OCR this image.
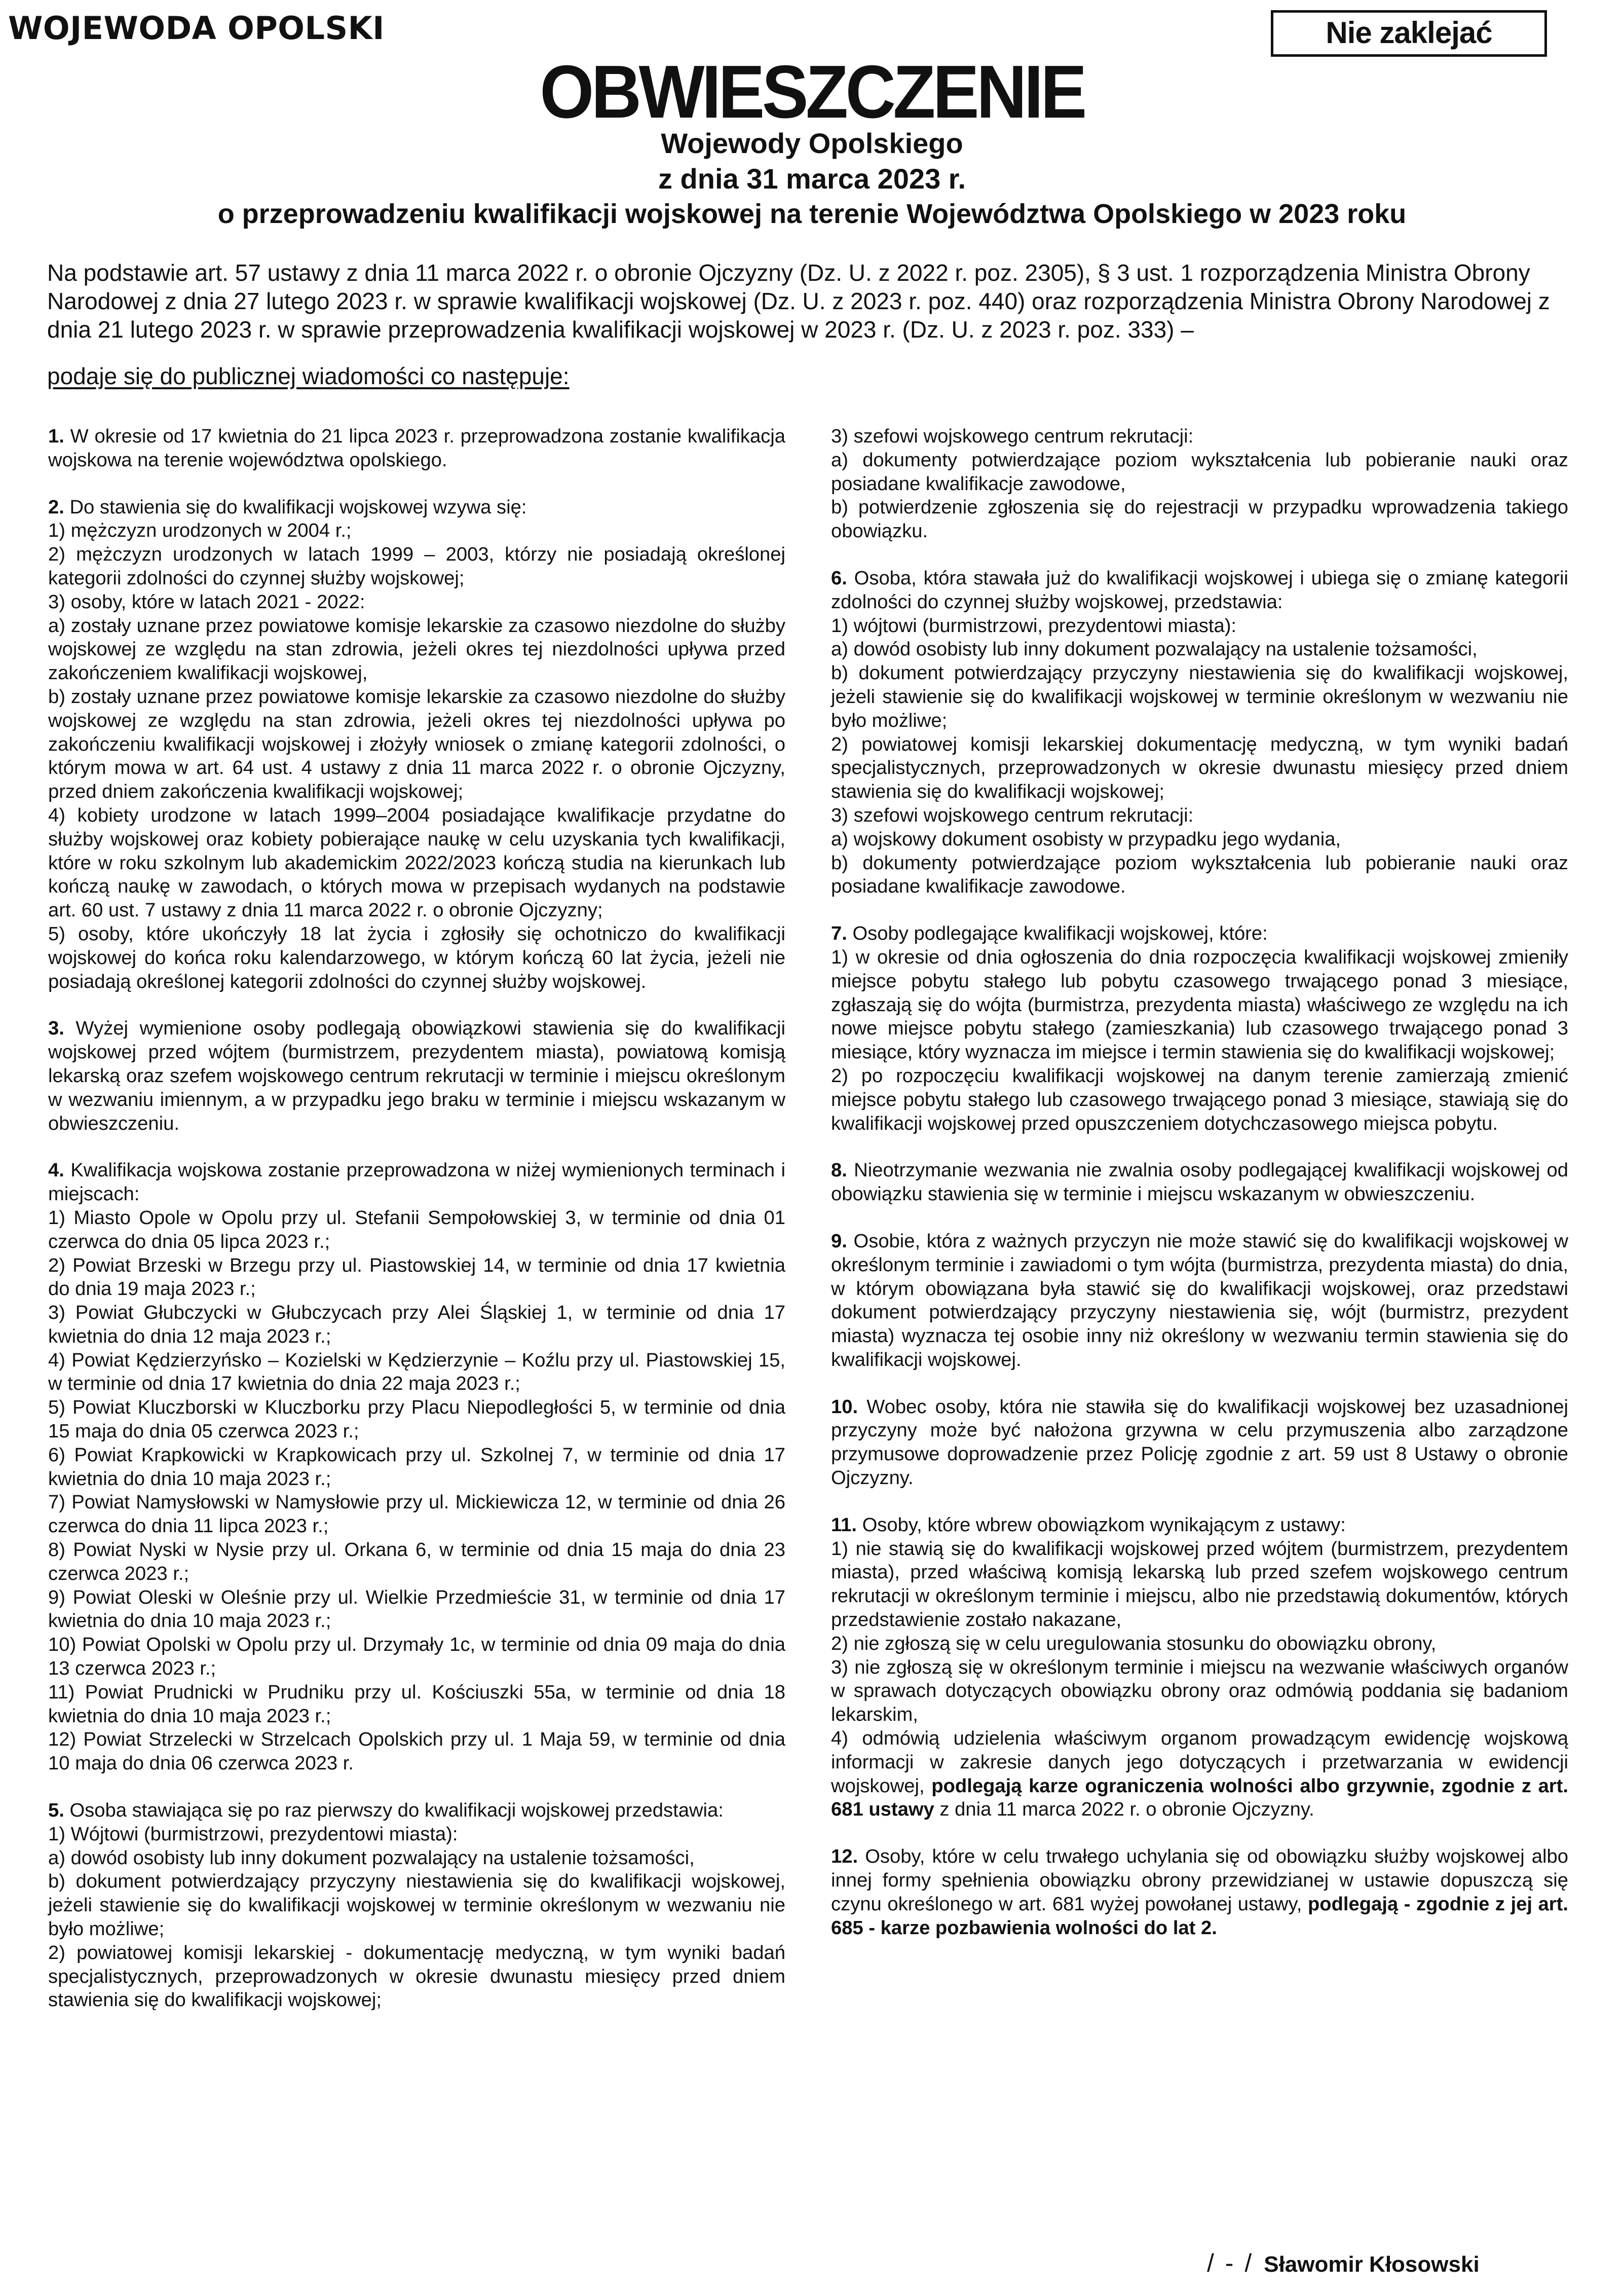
WOJEWODA OPOLSKI	Nie zaklejać
OBWIESZCZENIE
Wojewody Opolskiego
z dnia 31 marca 2023 r.
o przeprowadzeniu kwalifikacji wojskowej na terenie Województwa Opolskiego w 2023 roku

Na podstawie art. 57 ustawy z dnia 11 marca 2022 r. o obronie Ojczyzny (Dz. U. z 2022 r. poz. 2305), § 3 ust. 1 rozporządzenia Ministra Obrony Narodowej z dnia 27 lutego 2023 r. w sprawie kwalifikacji wojskowej (Dz. U. z 2023 r. poz. 440) oraz rozporządzenia Ministra Obrony Narodowej z dnia 21 lutego 2023 r. w sprawie przeprowadzenia kwalifikacji wojskowej w 2023 r. (Dz. U. z 2023 r. poz. 333) –

podaje się do publicznej wiadomości co następuje:

1. W okresie od 17 kwietnia do 21 lipca 2023 r. przeprowadzona zostanie kwalifikacja wojskowa na terenie województwa opolskiego.

2. Do stawienia się do kwalifikacji wojskowej wzywa się:

1) mężczyzn urodzonych w 2004 r.;

2) mężczyzn urodzonych w latach 1999 – 2003, którzy nie posiadają określonej kategorii zdolności do czynnej służby wojskowej;

3) osoby, które w latach 2021 - 2022:

a) zostały uznane przez powiatowe komisje lekarskie za czasowo niezdolne do służby wojskowej ze względu na stan zdrowia, jeżeli okres tej niezdolności upływa przed zakończeniem kwalifikacji wojskowej,

b) zostały uznane przez powiatowe komisje lekarskie za czasowo niezdolne do służby wojskowej ze względu na stan zdrowia, jeżeli okres tej niezdolności upływa po zakończeniu kwalifikacji wojskowej i złożyły wniosek o zmianę kategorii zdolności, o którym mowa w art. 64 ust. 4 ustawy z dnia 11 marca 2022 r. o obronie Ojczyzny, przed dniem zakończenia kwalifikacji wojskowej;

4) kobiety urodzone w latach 1999–2004 posiadające kwalifikacje przydatne do służby wojskowej oraz kobiety pobierające naukę w celu uzyskania tych kwalifikacji, które w roku szkolnym lub akademickim 2022/2023 kończą studia na kierunkach lub kończą naukę w zawodach, o których mowa w przepisach wydanych na podstawie art. 60 ust. 7 ustawy z dnia 11 marca 2022 r. o obronie Ojczyzny;

5) osoby, które ukończyły 18 lat życia i zgłosiły się ochotniczo do kwalifikacji wojskowej do końca roku kalendarzowego, w którym kończą 60 lat życia, jeżeli nie posiadają określonej kategorii zdolności do czynnej służby wojskowej.

3. Wyżej wymienione osoby podlegają obowiązkowi stawienia się do kwalifikacji wojskowej przed wójtem (burmistrzem, prezydentem miasta), powiatową komisją lekarską oraz szefem wojskowego centrum rekrutacji w terminie i miejscu określonym w wezwaniu imiennym, a w przypadku jego braku w terminie i miejscu wskazanym w obwieszczeniu.

4. Kwalifikacja wojskowa zostanie przeprowadzona w niżej wymienionych terminach i miejscach:

1) Miasto Opole w Opolu przy ul. Stefanii Sempołowskiej 3, w terminie od dnia 01 czerwca do dnia 05 lipca 2023 r.;

2) Powiat Brzeski w Brzegu przy ul. Piastowskiej 14, w terminie od dnia 17 kwietnia do dnia 19 maja 2023 r.;

3) Powiat Głubczycki w Głubczycach przy Alei Śląskiej 1, w terminie od dnia 17 kwietnia do dnia 12 maja 2023 r.;

4) Powiat Kędzierzyńsko – Kozielski w Kędzierzynie – Koźlu przy ul. Piastowskiej 15, w terminie od dnia 17 kwietnia do dnia 22 maja 2023 r.;

5) Powiat Kluczborski w Kluczborku przy Placu Niepodległości 5, w terminie od dnia 15 maja do dnia 05 czerwca 2023 r.;

6) Powiat Krapkowicki w Krapkowicach przy ul. Szkolnej 7, w terminie od dnia 17 kwietnia do dnia 10 maja 2023 r.;

7) Powiat Namysłowski w Namysłowie przy ul. Mickiewicza 12, w terminie od dnia 26 czerwca do dnia 11 lipca 2023 r.;

8) Powiat Nyski w Nysie przy ul. Orkana 6, w terminie od dnia 15 maja do dnia 23 czerwca 2023 r.;

9) Powiat Oleski w Oleśnie przy ul. Wielkie Przedmieście 31, w terminie od dnia 17 kwietnia do dnia 10 maja 2023 r.;

10) Powiat Opolski w Opolu przy ul. Drzymały 1c, w terminie od dnia 09 maja do dnia 13 czerwca 2023 r.;

11) Powiat Prudnicki w Prudniku przy ul. Kościuszki 55a, w terminie od dnia 18 kwietnia do dnia 10 maja 2023 r.;

12) Powiat Strzelecki w Strzelcach Opolskich przy ul. 1 Maja 59, w terminie od dnia 10 maja do dnia 06 czerwca 2023 r.

5. Osoba stawiająca się po raz pierwszy do kwalifikacji wojskowej przedstawia:

1) Wójtowi (burmistrzowi, prezydentowi miasta):

a) dowód osobisty lub inny dokument pozwalający na ustalenie tożsamości,

b) dokument potwierdzający przyczyny niestawienia się do kwalifikacji wojskowej, jeżeli stawienie się do kwalifikacji wojskowej w terminie określonym w wezwaniu nie było możliwe;

2) powiatowej komisji lekarskiej - dokumentację medyczną, w tym wyniki badań specjalistycznych, przeprowadzonych w okresie dwunastu miesięcy przed dniem stawienia się do kwalifikacji wojskowej;

3) szefowi wojskowego centrum rekrutacji:

a) dokumenty potwierdzające poziom wykształcenia lub pobieranie nauki oraz posiadane kwalifikacje zawodowe,

b) potwierdzenie zgłoszenia się do rejestracji w przypadku wprowadzenia takiego obowiązku.

6. Osoba, która stawała już do kwalifikacji wojskowej i ubiega się o zmianę kategorii zdolności do czynnej służby wojskowej, przedstawia:

1) wójtowi (burmistrzowi, prezydentowi miasta):

a) dowód osobisty lub inny dokument pozwalający na ustalenie tożsamości,

b) dokument potwierdzający przyczyny niestawienia się do kwalifikacji wojskowej, jeżeli stawienie się do kwalifikacji wojskowej w terminie określonym w wezwaniu nie było możliwe;

2) powiatowej komisji lekarskiej dokumentację medyczną, w tym wyniki badań specjalistycznych, przeprowadzonych w okresie dwunastu miesięcy przed dniem stawienia się do kwalifikacji wojskowej;

3) szefowi wojskowego centrum rekrutacji:

a) wojskowy dokument osobisty w przypadku jego wydania,

b) dokumenty potwierdzające poziom wykształcenia lub pobieranie nauki oraz posiadane kwalifikacje zawodowe.

7. Osoby podlegające kwalifikacji wojskowej, które:

1) w okresie od dnia ogłoszenia do dnia rozpoczęcia kwalifikacji wojskowej zmieniły miejsce pobytu stałego lub pobytu czasowego trwającego ponad 3 miesiące, zgłaszają się do wójta (burmistrza, prezydenta miasta) właściwego ze względu na ich nowe miejsce pobytu stałego (zamieszkania) lub czasowego trwającego ponad 3 miesiące, który wyznacza im miejsce i termin stawienia się do kwalifikacji wojskowej;

2) po rozpoczęciu kwalifikacji wojskowej na danym terenie zamierzają zmienić miejsce pobytu stałego lub czasowego trwającego ponad 3 miesiące, stawiają się do kwalifikacji wojskowej przed opuszczeniem dotychczasowego miejsca pobytu.

8. Nieotrzymanie wezwania nie zwalnia osoby podlegającej kwalifikacji wojskowej od obowiązku stawienia się w terminie i miejscu wskazanym w obwieszczeniu.

9. Osobie, która z ważnych przyczyn nie może stawić się do kwalifikacji wojskowej w określonym terminie i zawiadomi o tym wójta (burmistrza, prezydenta miasta) do dnia, w którym obowiązana była stawić się do kwalifikacji wojskowej, oraz przedstawi dokument potwierdzający przyczyny niestawienia się, wójt (burmistrz, prezydent miasta) wyznacza tej osobie inny niż określony w wezwaniu termin stawienia się do kwalifikacji wojskowej.

10. Wobec osoby, która nie stawiła się do kwalifikacji wojskowej bez uzasadnionej przyczyny może być nałożona grzywna w celu przymuszenia albo zarządzone przymusowe doprowadzenie przez Policję zgodnie z art. 59 ust 8 Ustawy o obronie Ojczyzny.

11. Osoby, które wbrew obowiązkom wynikającym z ustawy:

1) nie stawią się do kwalifikacji wojskowej przed wójtem (burmistrzem, prezydentem miasta), przed właściwą komisją lekarską lub przed szefem wojskowego centrum rekrutacji w określonym terminie i miejscu, albo nie przedstawią dokumentów, których przedstawienie zostało nakazane,

2) nie zgłoszą się w celu uregulowania stosunku do obowiązku obrony,

3) nie zgłoszą się w określonym terminie i miejscu na wezwanie właściwych organów w sprawach dotyczących obowiązku obrony oraz odmówią poddania się badaniom lekarskim,

4) odmówią udzielenia właściwym organom prowadzącym ewidencję wojskową informacji w zakresie danych jego dotyczących i przetwarzania w ewidencji wojskowej, podlegają karze ograniczenia wolności albo grzywnie, zgodnie z art. 681 ustawy z dnia 11 marca 2022 r. o obronie Ojczyzny.

12. Osoby, które w celu trwałego uchylania się od obowiązku służby wojskowej albo innej formy spełnienia obowiązku obrony przewidzianej w ustawie dopuszczą się czynu określonego w art. 681 wyżej powołanej ustawy, podlegają - zgodnie z jej art. 685 - karze pozbawienia wolności do lat 2.

/ - / Sławomir Kłosowski
